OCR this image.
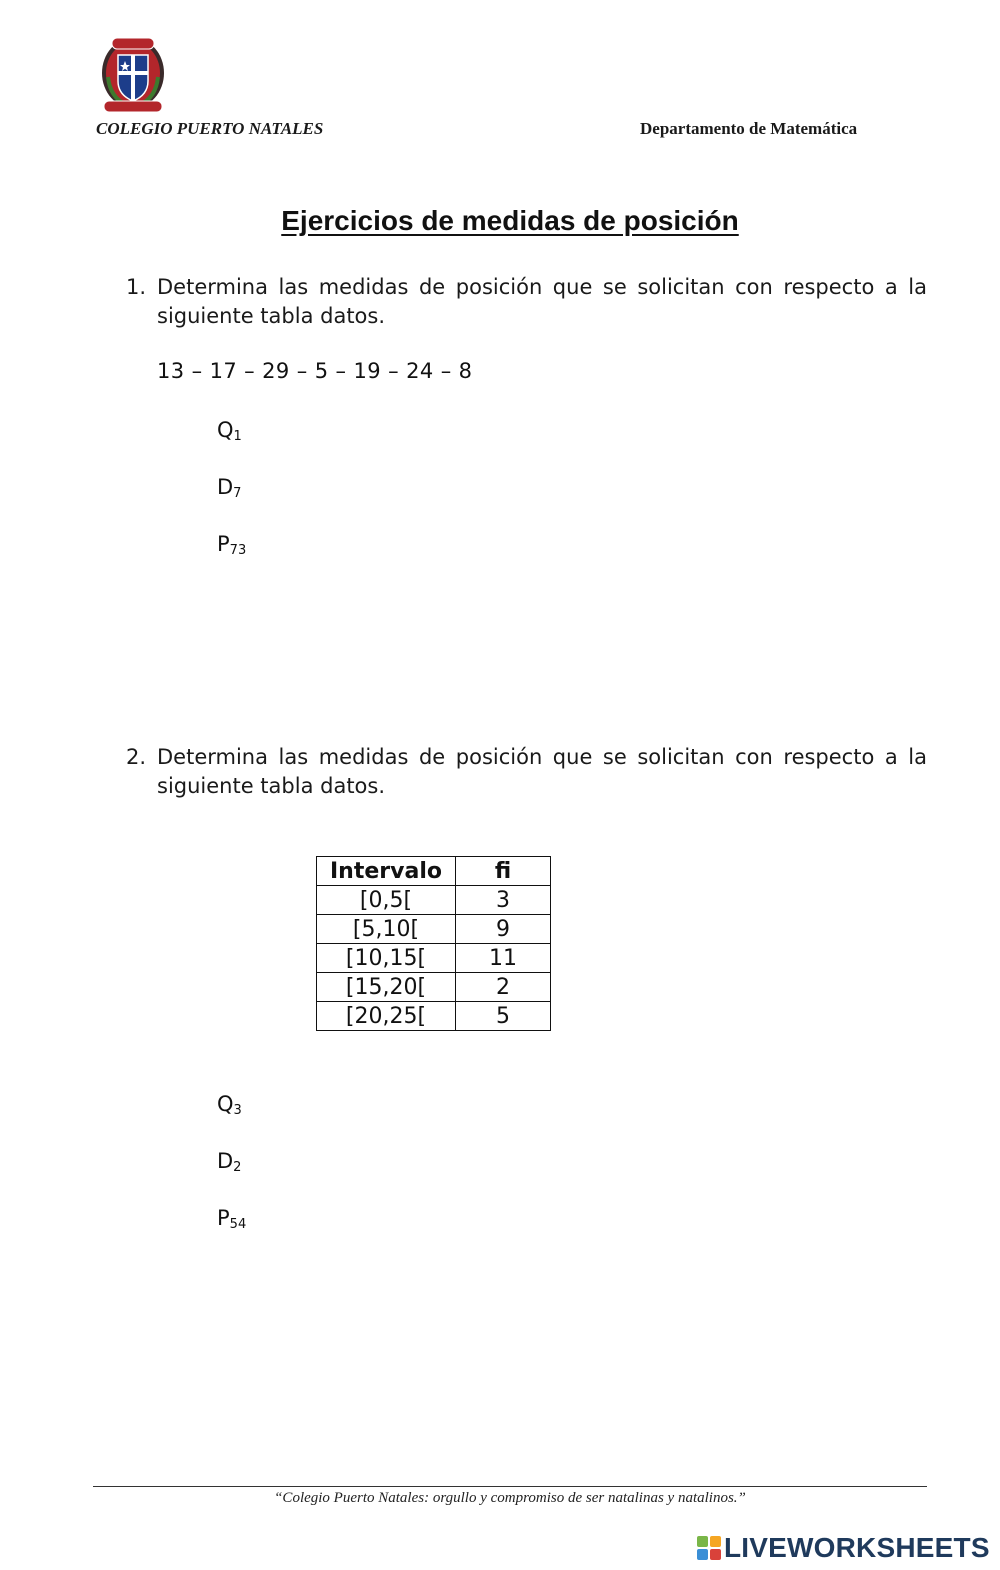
COLEGIO PUERTO NATALES	Departamento de Matemática
Ejercicios de medidas de posición
1. Determina las medidas de posición que se solicitan con respecto a la siguiente tabla datos.
13 – 17 – 29 – 5 – 19 – 24 – 8
$Q_1$
$D_7$
$P_{73}$
2. Determina las medidas de posición que se solicitan con respecto a la siguiente tabla datos.
Intervalo	fi
[0,5[	3
[5,10[	9
[10,15[	11
[15,20[	2
[20,25[	5
$Q_3$
$D_2$
$P_{54}$
“Colegio Puerto Natales: orgullo y compromiso de ser natalinas y natalinos.”
LIVEWORKSHEETS
